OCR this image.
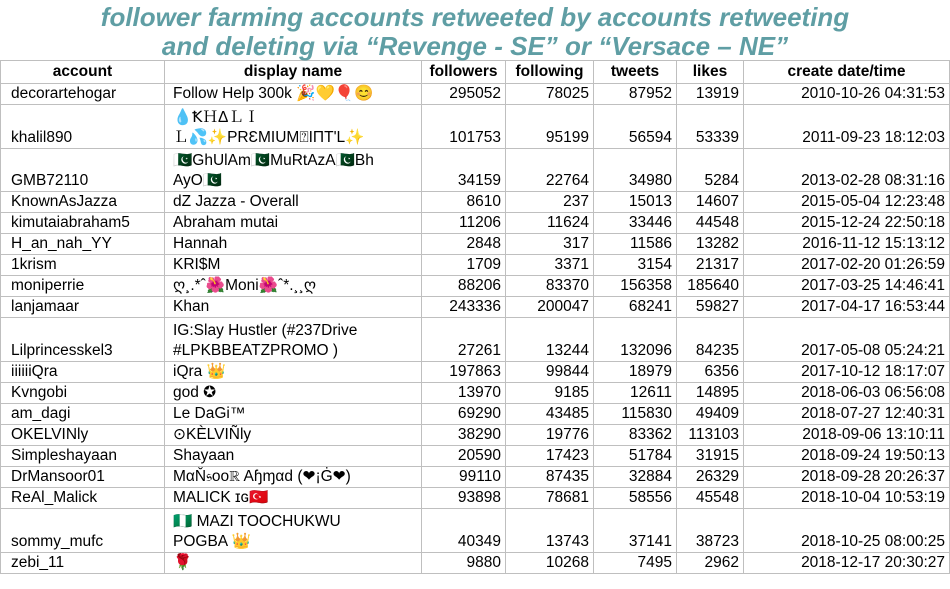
follower farming accounts retweeted by accounts retweeting
and deleting via “Revenge - SE” or “Versace – NE”
account	display name	followers	following	tweets	likes	create date/time
decorartehogar	Follow Help 300k 🎉💛🎈😊	295052	78025	87952	13919	2010-10-26 04:31:53
khalil890	💧ꝀＨΔＬＩ
Ｌ💦✨PRƐMIUM⍰ΙΠΤ'L✨	101753	95199	56594	53339	2011-09-23 18:12:03
GMB72110	🇵🇰GhUlAm🇵🇰MuRtAzA🇵🇰Bh
AyO🇵🇰	34159	22764	34980	5284	2013-02-28 08:31:16
KnownAsJazza	dZ Jazza - Overall	8610	237	15013	14607	2015-05-04 12:23:48
kimutaiabraham5	Abraham mutai	11206	11624	33446	44548	2015-12-24 22:50:18
H_an_nah_YY	Hannah	2848	317	11586	13282	2016-11-12 15:13:12
1krism	KRI$M	1709	3371	3154	21317	2017-02-20 01:26:59
moniperrie	ღ¸.*ˆ🌺Moni🌺ˆ*.¸¸ღ	88206	83370	156358	185640	2017-03-25 14:46:41
lanjamaar	Khan	243336	200047	68241	59827	2017-04-17 16:53:44
Lilprincesskel3	IG:Slay Hustler (#237Drive
#LPKBBEATZPROMO )	27261	13244	132096	84235	2017-05-08 05:24:21
iiiiiiQra	iQra 👑	197863	99844	18979	6356	2017-10-12 18:17:07
Kvngobi	god ✪	13970	9185	12611	14895	2018-06-03 06:56:08
am_dagi	Le DaGi™	69290	43485	115830	49409	2018-07-27 12:40:31
OKELVINly	⊙KÈLVIÑly	38290	19776	83362	113103	2018-09-06 13:10:11
Simpleshayaan	Shayaan	20590	17423	51784	31915	2018-09-24 19:50:13
DrMansoor01	MαŇ𝔰ooℝ Aɧɱαd (❤¡Ġ❤)	99110	87435	32884	26329	2018-09-28 20:26:37
ReAl_Malick	MALICK ɪɢ🇹🇷	93898	78681	58556	45548	2018-10-04 10:53:19
sommy_mufc	🇳🇬 MAZI TOOCHUKWU
POGBA 👑	40349	13743	37141	38723	2018-10-25 08:00:25
zebi_11	🌹	9880	10268	7495	2962	2018-12-17 20:30:27
